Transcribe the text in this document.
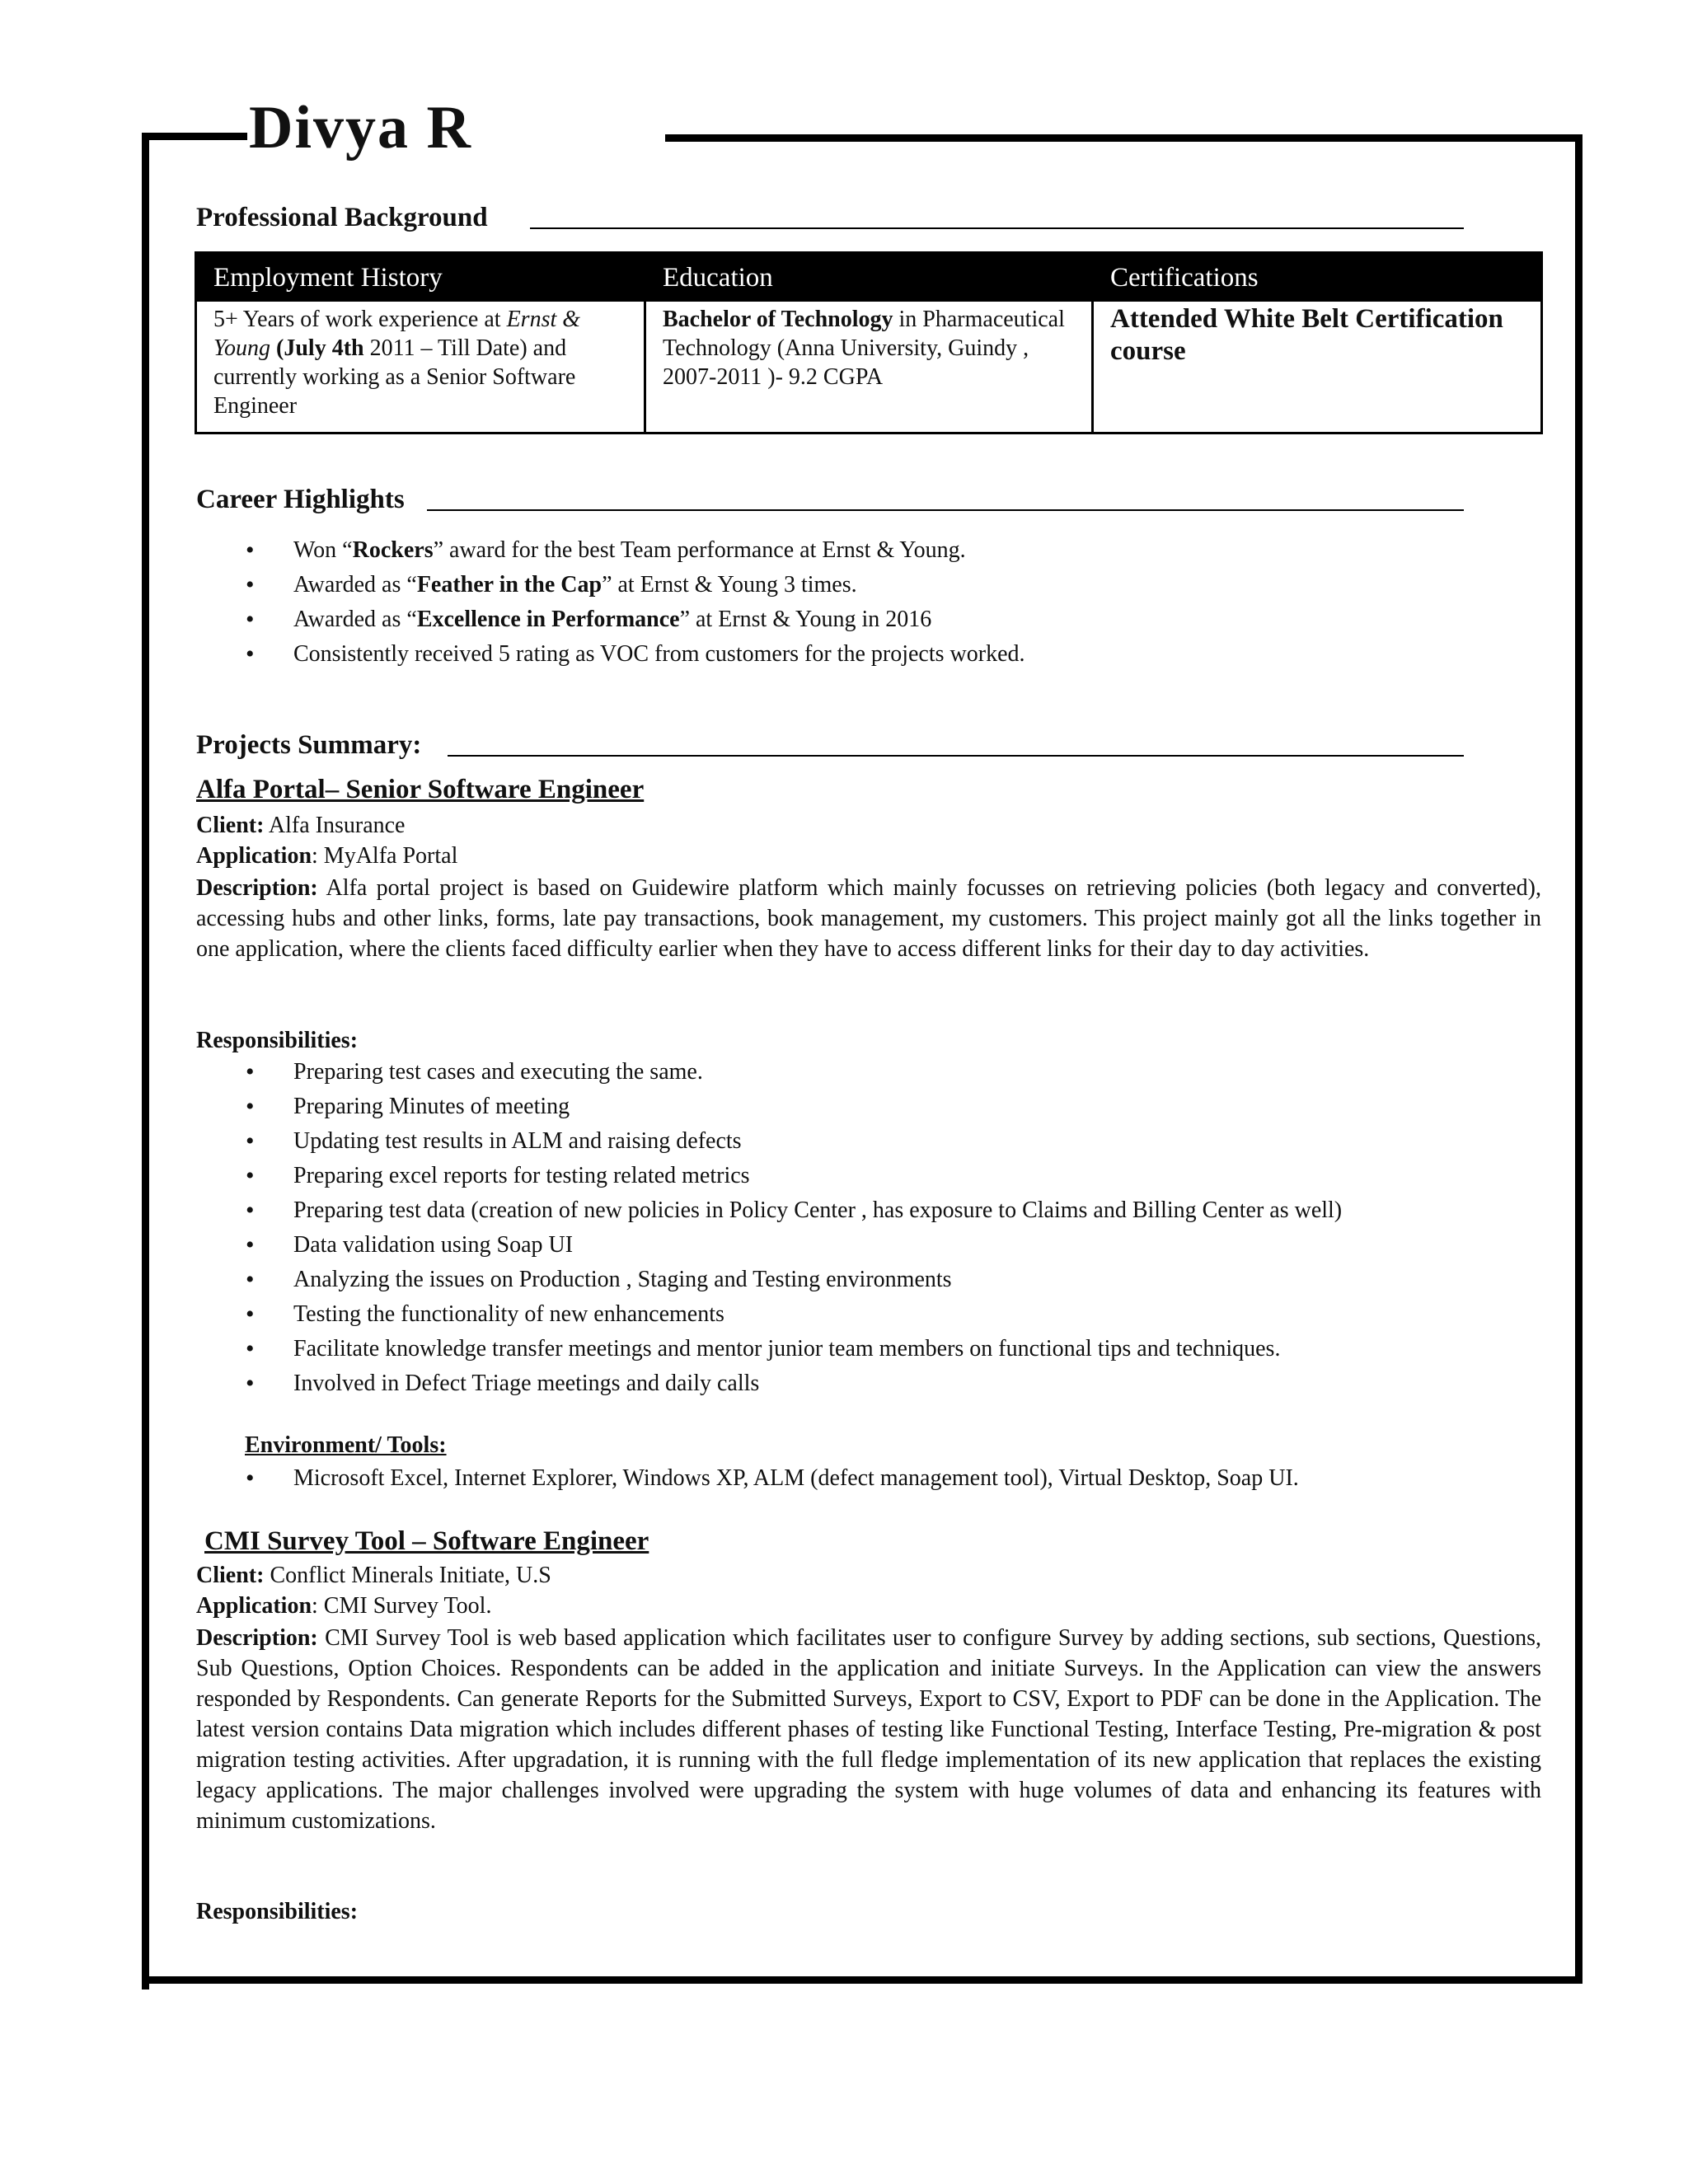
Divya R
Professional Background
Employment History	Education	Certifications
5+ Years of work experience at Ernst & Young (July 4th 2011 – Till Date) and currently working as a Senior Software Engineer
Bachelor of Technology in Pharmaceutical Technology (Anna University, Guindy , 2007-2011 )- 9.2 CGPA
Attended White Belt Certification course
Career Highlights
• Won “Rockers” award for the best Team performance at Ernst & Young.
• Awarded as “Feather in the Cap” at Ernst & Young 3 times.
• Awarded as “Excellence in Performance” at Ernst & Young in 2016
• Consistently received 5 rating as VOC from customers for the projects worked.
Projects Summary:
Alfa Portal– Senior Software Engineer
Client: Alfa Insurance
Application: MyAlfa Portal
Description: Alfa portal project is based on Guidewire platform which mainly focusses on retrieving policies (both legacy and converted), accessing hubs and other links, forms, late pay transactions, book management, my customers. This project mainly got all the links together in one application, where the clients faced difficulty earlier when they have to access different links for their day to day activities.
Responsibilities:
• Preparing test cases and executing the same.
• Preparing Minutes of meeting
• Updating test results in ALM and raising defects
• Preparing excel reports for testing related metrics
• Preparing test data (creation of new policies in Policy Center , has exposure to Claims and Billing Center as well)
• Data validation using Soap UI
• Analyzing the issues on Production , Staging and Testing environments
• Testing the functionality of new enhancements
• Facilitate knowledge transfer meetings and mentor junior team members on functional tips and techniques.
• Involved in Defect Triage meetings and daily calls
Environment/ Tools:
• Microsoft Excel, Internet Explorer, Windows XP, ALM (defect management tool), Virtual Desktop, Soap UI.
CMI Survey Tool – Software Engineer
Client: Conflict Minerals Initiate, U.S
Application: CMI Survey Tool.
Description: CMI Survey Tool is web based application which facilitates user to configure Survey by adding sections, sub sections, Questions, Sub Questions, Option Choices. Respondents can be added in the application and initiate Surveys. In the Application can view the answers responded by Respondents. Can generate Reports for the Submitted Surveys, Export to CSV, Export to PDF can be done in the Application. The latest version contains Data migration which includes different phases of testing like Functional Testing, Interface Testing, Pre-migration & post migration testing activities. After upgradation, it is running with the full fledge implementation of its new application that replaces the existing legacy applications. The major challenges involved were upgrading the system with huge volumes of data and enhancing its features with minimum customizations.
Responsibilities:
